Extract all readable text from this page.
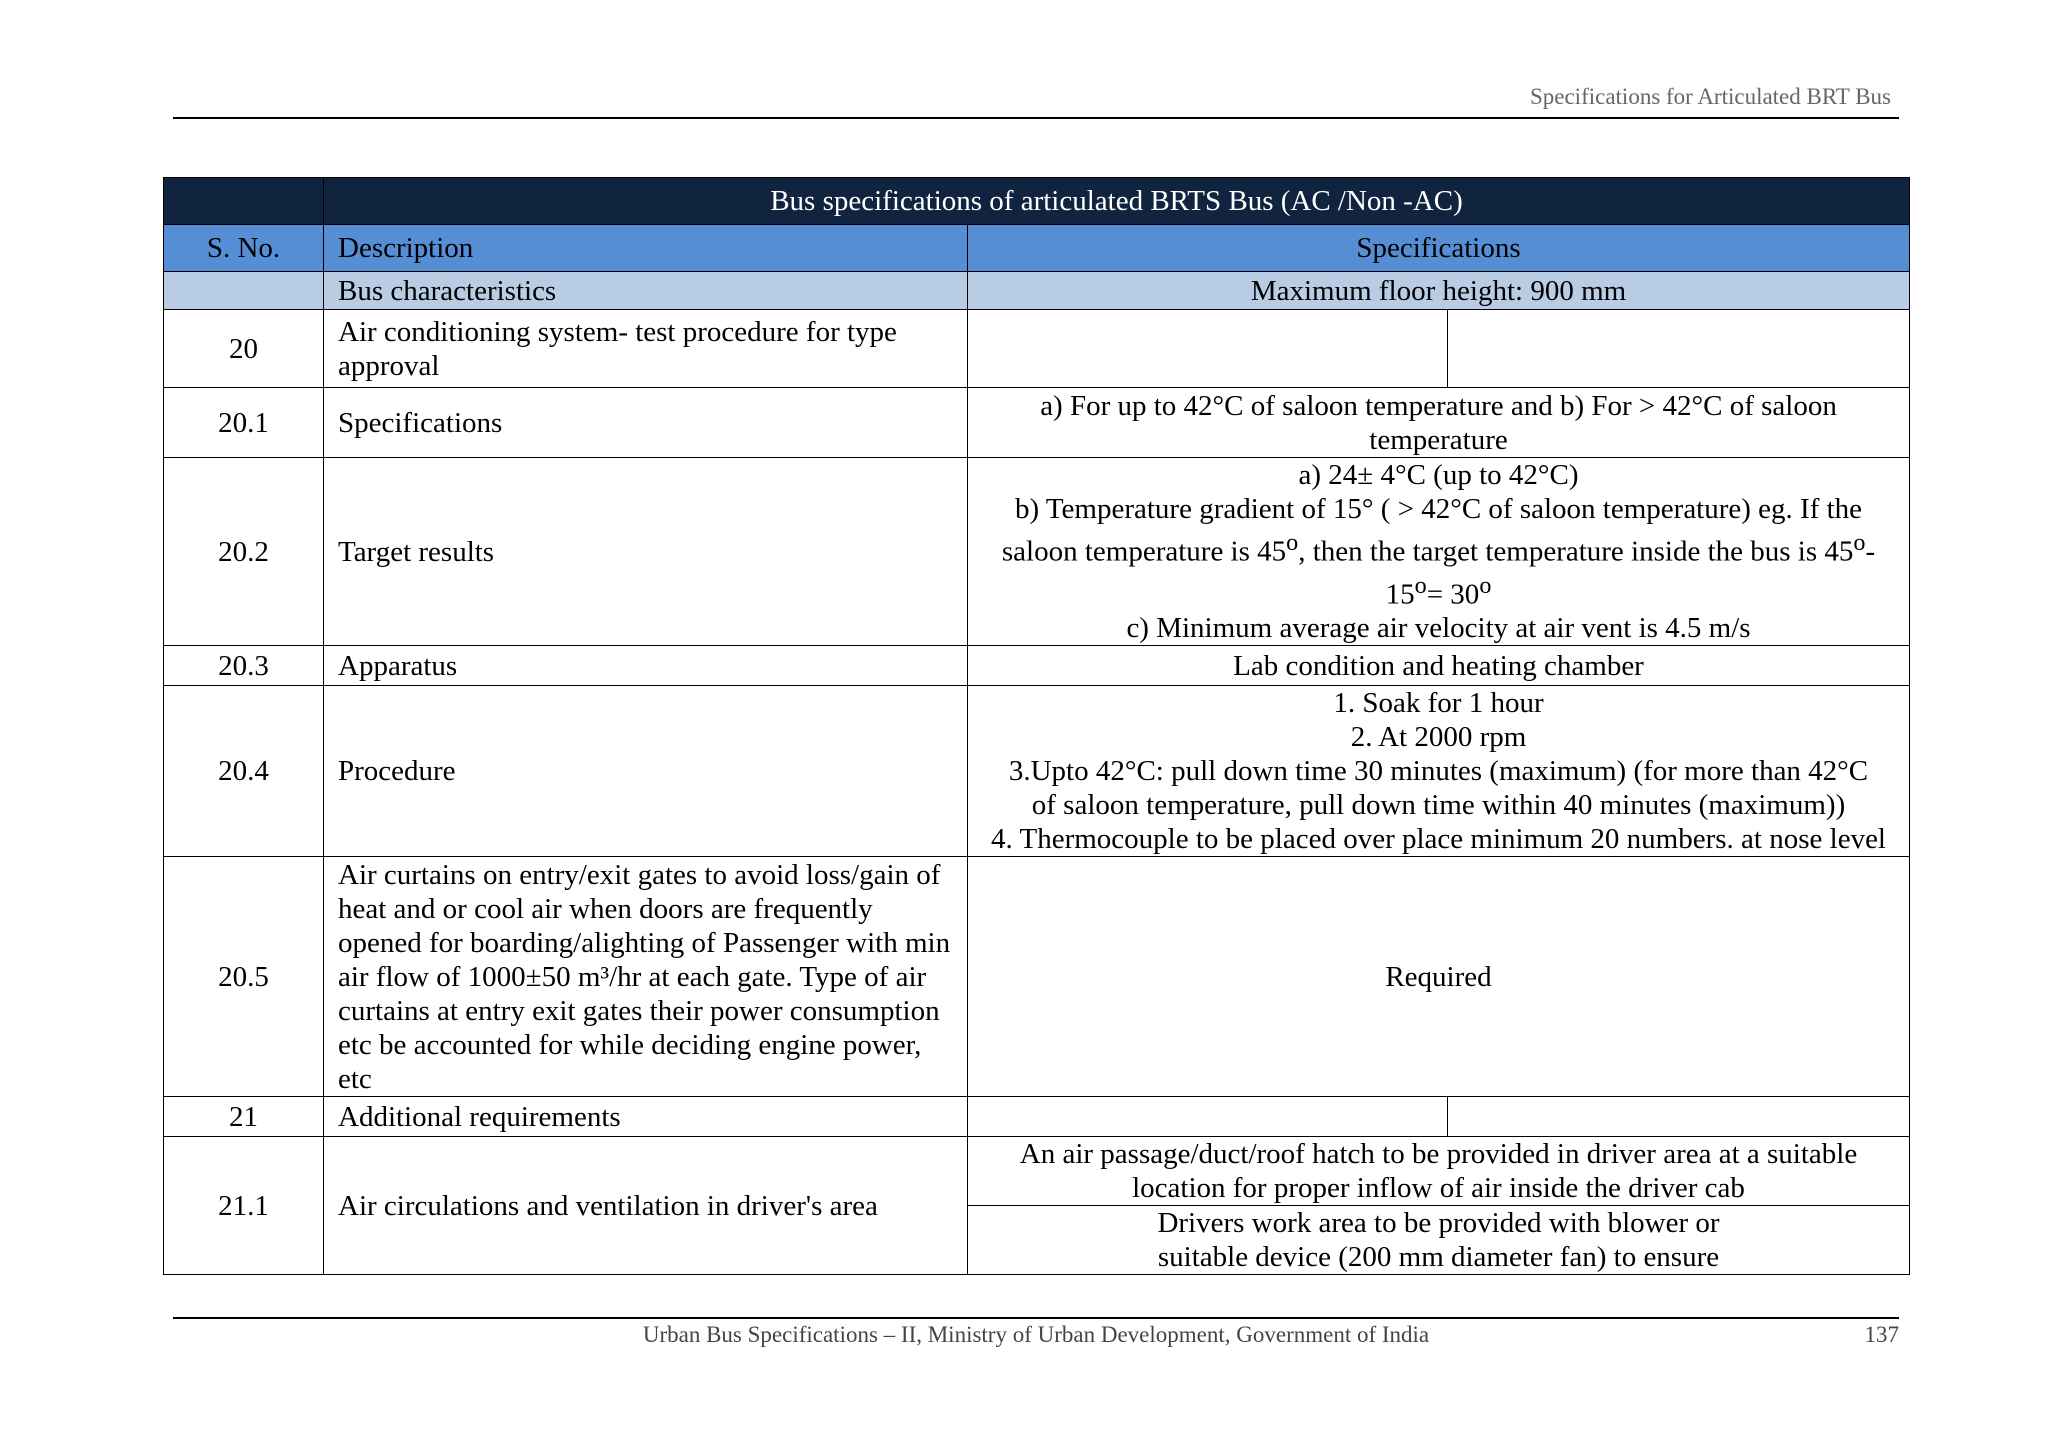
Specifications for Articulated BRT Bus
	Bus specifications of articulated BRTS Bus (AC /Non -AC)		
S. No.	Description	Specifications	
	Bus characteristics	Maximum floor height: 900 mm	
20	Air conditioning system- test procedure for type approval		
20.1	Specifications	a) For up to 42°C of saloon temperature and b) For > 42°C of saloon temperature	
20.2	Target results	a) 24± 4°C (up to 42°C)
b) Temperature gradient of 15° ( > 42°C of saloon temperature) eg. If the
saloon temperature is 45$^o$, then the target temperature inside the bus is 45$^o$-
$15^o= 30^o$
c) Minimum average air velocity at air vent is 4.5 m/s	

20.3	Apparatus	Lab condition and heating chamber	
20.4	Procedure	1. Soak for 1 hour
2. At 2000 rpm
3.Upto 42°C: pull down time 30 minutes (maximum) (for more than 42°C
of saloon temperature, pull down time within 40 minutes (maximum))
4. Thermocouple to be placed over place minimum 20 numbers. at nose level	

20.5	Air curtains on entry/exit gates to avoid loss/gain of heat and or cool air when doors are frequently opened for boarding/alighting of Passenger with min air flow of 1000±50 m³/hr at each gate. Type of air curtains at entry exit gates their power consumption etc be accounted for while deciding engine power, etc	Required	
21	Additional requirements		
21.1	Air circulations and ventilation in driver's area	An air passage/duct/roof hatch to be provided in driver area at a suitable location for proper inflow of air inside the driver cab	

		Drivers work area to be provided with blower or
suitable device (200 mm diameter fan) to ensure	
Urban Bus Specifications – II, Ministry of Urban Development, Government of India	137
